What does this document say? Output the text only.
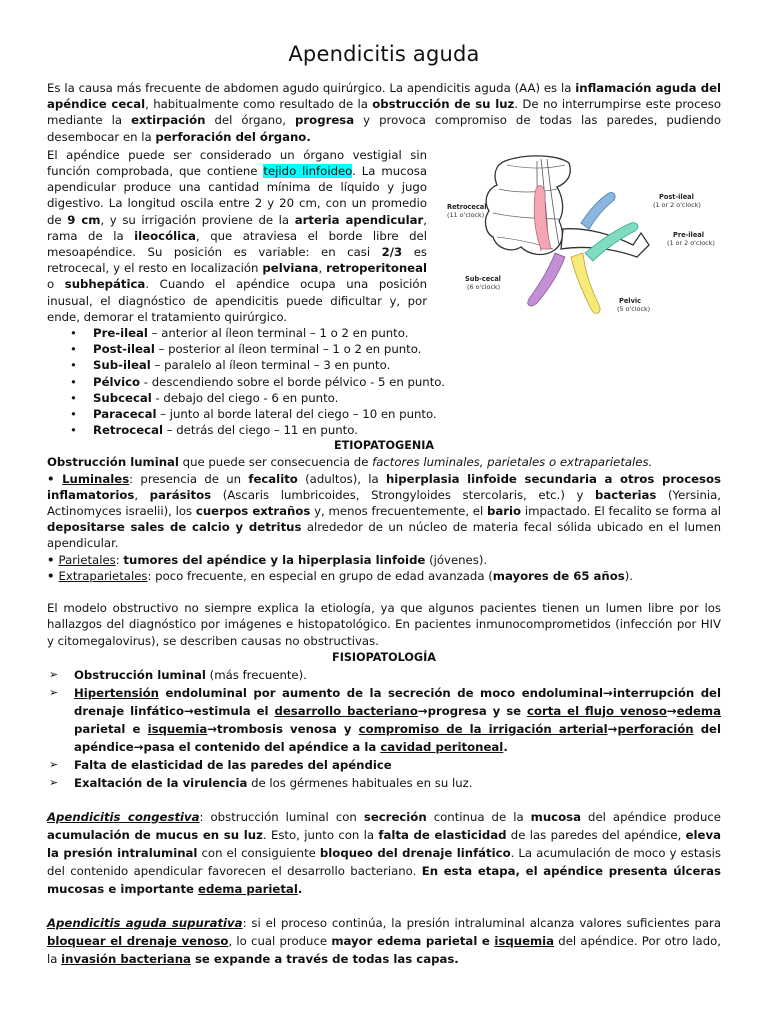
Apendicitis aguda

Es la causa más frecuente de abdomen agudo quirúrgico. La apendicitis aguda (AA) es la inflamación aguda del apéndice cecal, habitualmente como resultado de la obstrucción de su luz. De no interrumpirse este proceso mediante la extirpación del órgano, progresa y provoca compromiso de todas las paredes, pudiendo desembocar en la perforación del órgano.

Retrocecal
(11 o'clock)
Post-ileal
(1 or 2 o'clock)
Pre-ileal
(1 or 2 o'clock)
Sub-cecal
(6 o'clock)
Pelvic
(5 o'clock)

El apéndice puede ser considerado un órgano vestigial sin función comprobada, que contiene tejido linfoideo. La mucosa apendicular produce una cantidad mínima de líquido y jugo digestivo. La longitud oscila entre 2 y 20 cm, con un promedio de 9 cm, y su irrigación proviene de la arteria apendicular, rama de la ileocólica, que atraviesa el borde libre del mesoapéndice. Su posición es variable: en casi 2/3 es retrocecal, y el resto en localización pelviana, retroperitoneal o subhepática. Cuando el apéndice ocupa una posición inusual, el diagnóstico de apendicitis puede dificultar y, por ende, demorar el tratamiento quirúrgico.

• Pre-ileal – anterior al íleon terminal – 1 o 2 en punto.
• Post-ileal – posterior al íleon terminal – 1 o 2 en punto.
• Sub-ileal – paralelo al íleon terminal – 3 en punto.
• Pélvico - descendiendo sobre el borde pélvico - 5 en punto.
• Subcecal - debajo del ciego - 6 en punto.
• Paracecal – junto al borde lateral del ciego – 10 en punto.
• Retrocecal – detrás del ciego – 11 en punto.

ETIOPATOGENIA

Obstrucción luminal que puede ser consecuencia de factores luminales, parietales o extraparietales.

• Luminales: presencia de un fecalito (adultos), la hiperplasia linfoide secundaria a otros procesos inflamatorios, parásitos (Ascaris lumbricoides, Strongyloides stercolaris, etc.) y bacterias (Yersinia, Actinomyces israelii), los cuerpos extraños y, menos frecuentemente, el bario impactado. El fecalito se forma al depositarse sales de calcio y detritus alrededor de un núcleo de materia fecal sólida ubicado en el lumen apendicular.

• Parietales: tumores del apéndice y la hiperplasia linfoide (jóvenes).

• Extraparietales: poco frecuente, en especial en grupo de edad avanzada (mayores de 65 años).

El modelo obstructivo no siempre explica la etiología, ya que algunos pacientes tienen un lumen libre por los hallazgos del diagnóstico por imágenes e histopatológico. En pacientes inmunocomprometidos (infección por HIV y citomegalovirus), se describen causas no obstructivas.

FISIOPATOLOGÍA

➢ Obstrucción luminal (más frecuente).
➢ Hipertensión endoluminal por aumento de la secreción de moco endoluminal→interrupción del drenaje linfático→estimula el desarrollo bacteriano→progresa y se corta el flujo venoso→edema parietal e isquemia→trombosis venosa y compromiso de la irrigación arterial→perforación del apéndice→pasa el contenido del apéndice a la cavidad peritoneal.
➢ Falta de elasticidad de las paredes del apéndice
➢ Exaltación de la virulencia de los gérmenes habituales en su luz.

Apendicitis congestiva: obstrucción luminal con secreción continua de la mucosa del apéndice produce acumulación de mucus en su luz. Esto, junto con la falta de elasticidad de las paredes del apéndice, eleva la presión intraluminal con el consiguiente bloqueo del drenaje linfático. La acumulación de moco y estasis del contenido apendicular favorecen el desarrollo bacteriano. En esta etapa, el apéndice presenta úlceras mucosas e importante edema parietal.

Apendicitis aguda supurativa: si el proceso continúa, la presión intraluminal alcanza valores suficientes para bloquear el drenaje venoso, lo cual produce mayor edema parietal e isquemia del apéndice. Por otro lado, la invasión bacteriana se expande a través de todas las capas.
